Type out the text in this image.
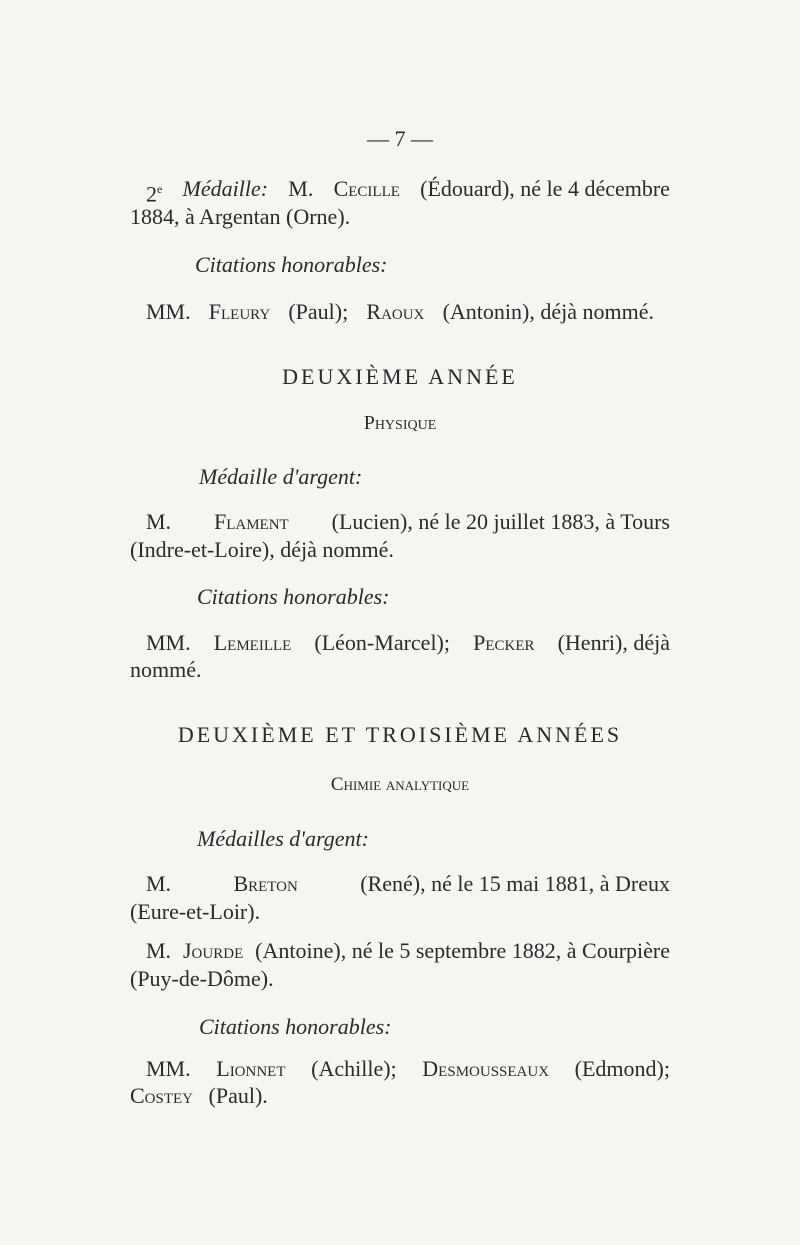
— 7 —
2e Médaille: M. Cecille (Édouard), né le 4 décembre
1884, à Argentan (Orne).
Citations honorables:
MM. Fleury (Paul); Raoux (Antonin), déjà nommé.
DEUXIÈME ANNÉE
Physique
Médaille d'argent:
M. Flament (Lucien), né le 20 juillet 1883, à Tours
(Indre-et-Loire), déjà nommé.
Citations honorables:
MM. Lemeille (Léon-Marcel); Pecker (Henri), déjà
nommé.
DEUXIÈME ET TROISIÈME ANNÉES
Chimie analytique
Médailles d'argent:
M.	Breton	(René), né le 15 mai 1881, à Dreux
(Eure-et-Loir).
M. Jourde (Antoine), né le 5 septembre 1882, à Courpière
(Puy-de-Dôme).
Citations honorables:
MM. Lionnet (Achille); Desmousseaux (Edmond);
Costey (Paul).
